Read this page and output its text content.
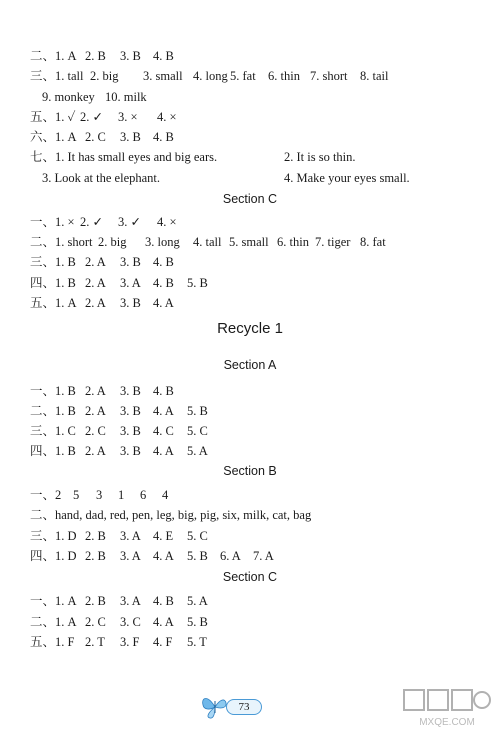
二、1. A 2. B 3. B 4. B
三、1. tall 2. big 3. small 4. long 5. fat 6. thin 7. short 8. tail
9. monkey 10. milk
五、1. ✓ 2. ✓ 3. × 4. ×
六、1. A 2. C 3. B 4. B
七、1. It has small eyes and big ears.	2. It is so thin.
3. Look at the elephant.	4. Make your eyes small.
一、1. × 2. ✓ 3. ✓ 4. ×
二、1. short 2. big 3. long 4. tall 5. small 6. thin 7. tiger 8. fat
三、1. B 2. A 3. B 4. B
四、1. B 2. A 3. A 4. B 5. B
五、1. A 2. A 3. B 4. A
一、1. B 2. A 3. B 4. B
二、1. B 2. A 3. B 4. A 5. B
三、1. C 2. C 3. B 4. C 5. C
四、1. B 2. A 3. B 4. A 5. A
一、2 5 3 1 6 4
二、hand, dad, red, pen, leg, big, pig, six, milk, cat, bag
三、1. D 2. B 3. A 4. E 5. C
四、1. D 2. B 3. A 4. A 5. B 6. A 7. A
一、1. A 2. B 3. A 4. B 5. A
二、1. A 2. C 3. C 4. A 5. B
五、1. F 2. T 3. F 4. F 5. T
Section C
Recycle 1
Section A
Section B
Section C
73
MXQE.COM
